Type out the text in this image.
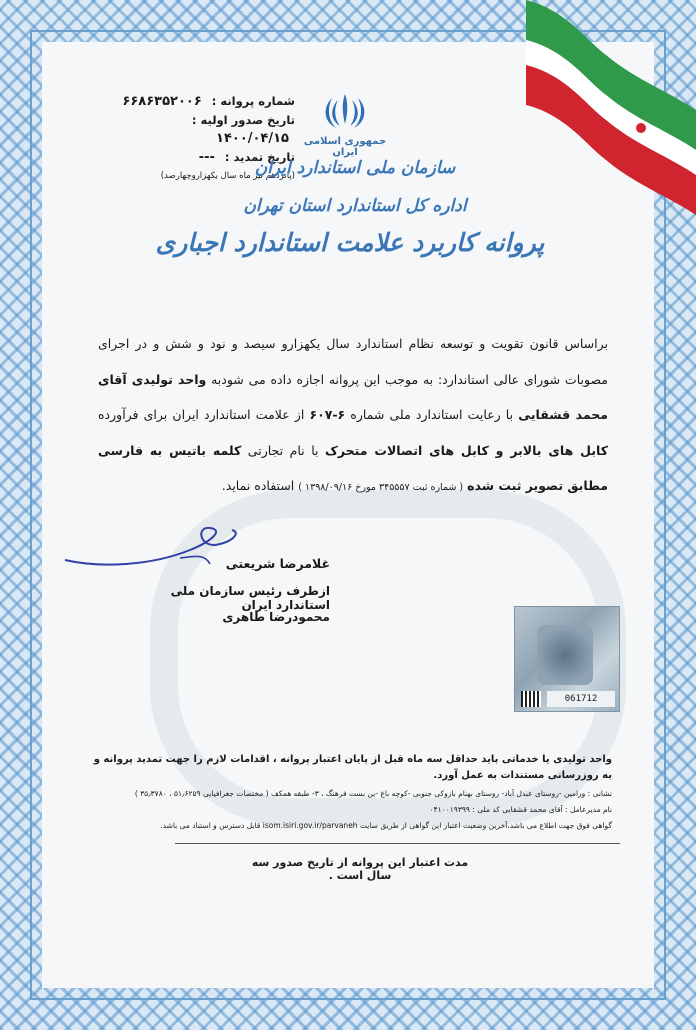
شماره پروانه : ۶۶۸۶۳۵۲۰۰۶
تاریخ صدور اولیه : ۱۴۰۰/۰۴/۱۵
تاریخ تمدید : ---
(پانزدهم تیر ماه سال یکهزاروچهارصد)
جمهوری اسلامی ایران
سازمان ملی استاندارد ایران
اداره کل استاندارد استان تهران
پروانه کاربرد علامت استاندارد اجباری
براساس قانون تقویت و توسعه نظام استاندارد سال یکهزارو سیصد و نود و شش و در اجرای مصوبات شورای عالی استاندارد: به موجب این پروانه اجازه داده می شودبه واحد تولیدی آقای محمد قشقایی با رعایت استاندارد ملی شماره ۶-۶۰۷ از علامت استاندارد ایران برای فرآورده کابل های بالابر و کابل های اتصالات متحرک با نام تجارتی کلمه باتیس به فارسی مطابق تصویر ثبت شده ( شماره ثبت ۳۴۵۵۵۷ مورخ ۱۳۹۸/۰۹/۱۶ ) استفاده نماید.
غلامرضا شریعتی
ازطرف رئیس سازمان ملی استاندارد ایران
محمودرضا طاهری
061712
واحد تولیدی یا خدماتی باید حداقل سه ماه قبل از پایان اعتبار پروانه ، اقدامات لازم را جهت تمدید پروانه و به روزرسانی مستندات به عمل آورد.
نشانی : ورامین -روستای عبدل آباد- روستای بهنام بازوکی جنوبی -کوچه باغ -بن بست فرهنگ ، ۳- طبقه همکف ( مختصات جغرافیایی ۵۱٫۶۲۵۹ ، ۳۵٫۳۷۸۰ )
نام مدیرعامل : آقای محمد قشقایی کد ملی : ۰۴۱۰۰۱۹۳۹۹
گواهی فوق جهت اطلاع می باشد،آخرین وضعیت اعتبار این گواهی از طریق سایت isom.isiri.gov.ir/parvaneh قابل دسترس و استناد می باشد.
مدت اعتبار این پروانه از تاریخ صدور سه سال است .
